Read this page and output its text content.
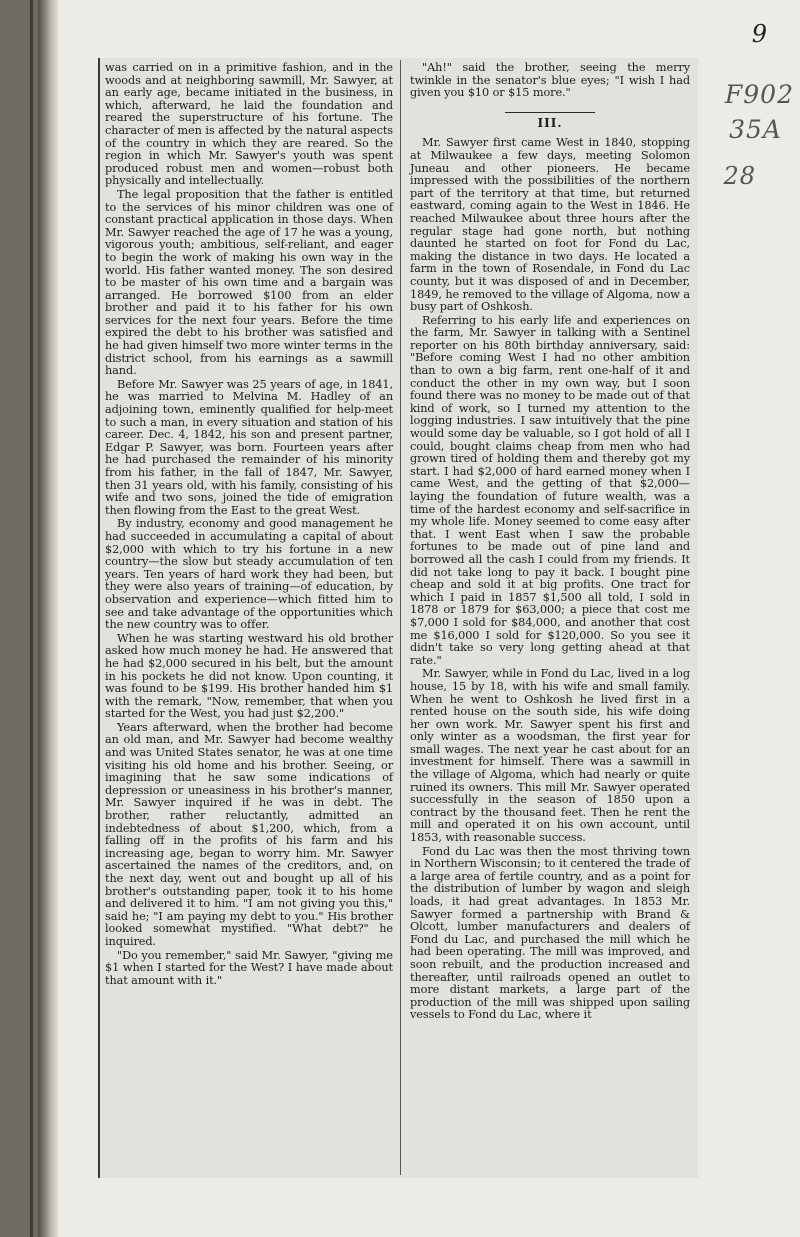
9
F902
35A
28

was carried on in a primitive fashion, and in the woods and at neighboring sawmill, Mr. Sawyer, at an early age, became initiated in the business, in which, afterward, he laid the foundation and reared the superstructure of his fortune. The character of men is affected by the natural aspects of the country in which they are reared. So the region in which Mr. Sawyer's youth was spent produced robust men and women—robust both physically and intellectually.

The legal proposition that the father is entitled to the services of his minor children was one of constant practical application in those days. When Mr. Sawyer reached the age of 17 he was a young, vigorous youth; ambitious, self-reliant, and eager to begin the work of making his own way in the world. His father wanted money. The son desired to be master of his own time and a bargain was arranged. He borrowed $100 from an elder brother and paid it to his father for his own services for the next four years. Before the time expired the debt to his brother was satisfied and he had given himself two more winter terms in the district school, from his earnings as a sawmill hand.

Before Mr. Sawyer was 25 years of age, in 1841, he was married to Melvina M. Hadley of an adjoining town, eminently qualified for help-meet to such a man, in every situation and station of his career. Dec. 4, 1842, his son and present partner, Edgar P. Sawyer, was born. Fourteen years after he had purchased the remainder of his minority from his father, in the fall of 1847, Mr. Sawyer, then 31 years old, with his family, consisting of his wife and two sons, joined the tide of emigration then flowing from the East to the great West.

By industry, economy and good management he had succeeded in accumulating a capital of about $2,000 with which to try his fortune in a new country—the slow but steady accumulation of ten years. Ten years of hard work they had been, but they were also years of training—of education, by observation and experience—which fitted him to see and take advantage of the opportunities which the new country was to offer.

When he was starting westward his old brother asked how much money he had. He answered that he had $2,000 secured in his belt, but the amount in his pockets he did not know. Upon counting, it was found to be $199. His brother handed him $1 with the remark, "Now, remember, that when you started for the West, you had just $2,200."

Years afterward, when the brother had become an old man, and Mr. Sawyer had become wealthy and was United States senator, he was at one time visiting his old home and his brother. Seeing, or imagining that he saw some indications of depression or uneasiness in his brother's manner, Mr. Sawyer inquired if he was in debt. The brother, rather reluctantly, admitted an indebtedness of about $1,200, which, from a falling off in the profits of his farm and his increasing age, began to worry him. Mr. Sawyer ascertained the names of the creditors, and, on the next day, went out and bought up all of his brother's outstanding paper, took it to his home and delivered it to him. "I am not giving you this," said he; "I am paying my debt to you." His brother looked somewhat mystified. "What debt?" he inquired.

"Do you remember," said Mr. Sawyer, "giving me $1 when I started for the West? I have made about that amount with it."

"Ah!" said the brother, seeing the merry twinkle in the senator's blue eyes; "I wish I had given you $10 or $15 more."

III.

Mr. Sawyer first came West in 1840, stopping at Milwaukee a few days, meeting Solomon Juneau and other pioneers. He became impressed with the possibilities of the northern part of the territory at that time, but returned eastward, coming again to the West in 1846. He reached Milwaukee about three hours after the regular stage had gone north, but nothing daunted he started on foot for Fond du Lac, making the distance in two days. He located a farm in the town of Rosendale, in Fond du Lac county, but it was disposed of and in December, 1849, he removed to the village of Algoma, now a busy part of Oshkosh.

Referring to his early life and experiences on the farm, Mr. Sawyer in talking with a Sentinel reporter on his 80th birthday anniversary, said: "Before coming West I had no other ambition than to own a big farm, rent one-half of it and conduct the other in my own way, but I soon found there was no money to be made out of that kind of work, so I turned my attention to the logging industries. I saw intuitively that the pine would some day be valuable, so I got hold of all I could, bought claims cheap from men who had grown tired of holding them and thereby got my start. I had $2,000 of hard earned money when I came West, and the getting of that $2,000—laying the foundation of future wealth, was a time of the hardest economy and self-sacrifice in my whole life. Money seemed to come easy after that. I went East when I saw the probable fortunes to be made out of pine land and borrowed all the cash I could from my friends. It did not take long to pay it back. I bought pine cheap and sold it at big profits. One tract for which I paid in 1857 $1,500 all told, I sold in 1878 or 1879 for $63,000; a piece that cost me $7,000 I sold for $84,000, and another that cost me $16,000 I sold for $120,000. So you see it didn't take so very long getting ahead at that rate."

Mr. Sawyer, while in Fond du Lac, lived in a log house, 15 by 18, with his wife and small family. When he went to Oshkosh he lived first in a rented house on the south side, his wife doing her own work. Mr. Sawyer spent his first and only winter as a woodsman, the first year for small wages. The next year he cast about for an investment for himself. There was a sawmill in the village of Algoma, which had nearly or quite ruined its owners. This mill Mr. Sawyer operated successfully in the season of 1850 upon a contract by the thousand feet. Then he rent the mill and operated it on his own account, until 1853, with reasonable success.

Fond du Lac was then the most thriving town in Northern Wisconsin; to it centered the trade of a large area of fertile country, and as a point for the distribution of lumber by wagon and sleigh loads, it had great advantages. In 1853 Mr. Sawyer formed a partnership with Brand & Olcott, lumber manufacturers and dealers of Fond du Lac, and purchased the mill which he had been operating. The mill was improved, and soon rebuilt, and the production increased and thereafter, until railroads opened an outlet to more distant markets, a large part of the production of the mill was shipped upon sailing vessels to Fond du Lac, where it
